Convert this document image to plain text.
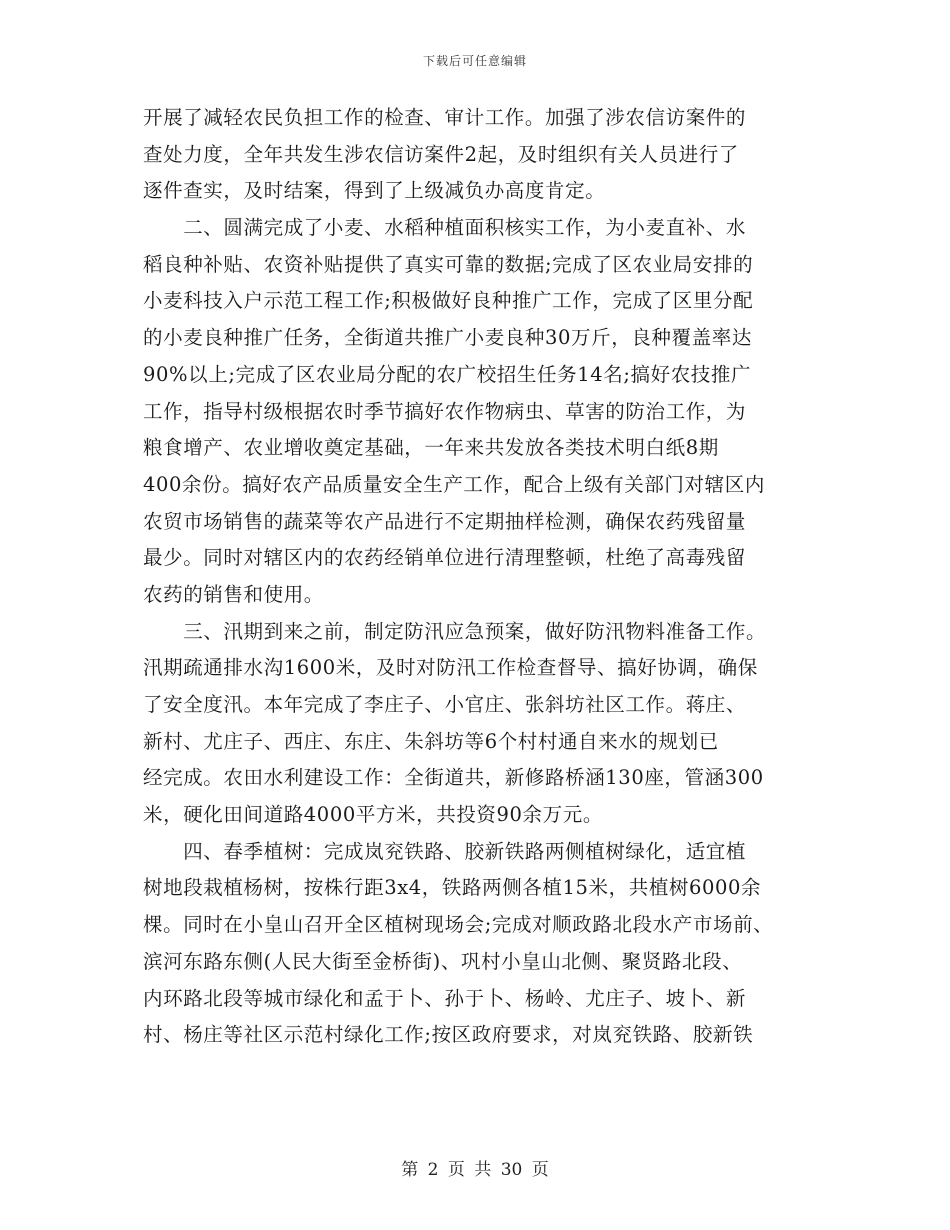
下载后可任意编辑
开展了减轻农民负担工作的检查、审计工作。加强了涉农信访案件的
查处力度，全年共发生涉农信访案件2起，及时组织有关人员进行了
逐件查实，及时结案，得到了上级减负办高度肯定。
　　二、圆满完成了小麦、水稻种植面积核实工作，为小麦直补、水
稻良种补贴、农资补贴提供了真实可靠的数据;完成了区农业局安排的
小麦科技入户示范工程工作;积极做好良种推广工作，完成了区里分配
的小麦良种推广任务，全街道共推广小麦良种30万斤，良种覆盖率达
90%以上;完成了区农业局分配的农广校招生任务14名;搞好农技推广
工作，指导村级根据农时季节搞好农作物病虫、草害的防治工作，为
粮食增产、农业增收奠定基础，一年来共发放各类技术明白纸8期
400余份。搞好农产品质量安全生产工作，配合上级有关部门对辖区内
农贸市场销售的蔬菜等农产品进行不定期抽样检测，确保农药残留量
最少。同时对辖区内的农药经销单位进行清理整顿，杜绝了高毒残留
农药的销售和使用。
　　三、汛期到来之前，制定防汛应急预案，做好防汛物料准备工作。
汛期疏通排水沟1600米，及时对防汛工作检查督导、搞好协调，确保
了安全度汛。本年完成了李庄子、小官庄、张斜坊社区工作。蒋庄、
新村、尤庄子、西庄、东庄、朱斜坊等6个村村通自来水的规划已
经完成。农田水利建设工作：全街道共，新修路桥涵130座，管涵300
米，硬化田间道路4000平方米，共投资90余万元。
　　四、春季植树：完成岚兖铁路、胶新铁路两侧植树绿化，适宜植
树地段栽植杨树，按株行距3x4，铁路两侧各植15米，共植树6000余
棵。同时在小皇山召开全区植树现场会;完成对顺政路北段水产市场前、
滨河东路东侧(人民大街至金桥街)、巩村小皇山北侧、聚贤路北段、
内环路北段等城市绿化和孟于卜、孙于卜、杨岭、尤庄子、坡卜、新
村、杨庄等社区示范村绿化工作;按区政府要求，对岚兖铁路、胶新铁
第 2 页 共 30 页
